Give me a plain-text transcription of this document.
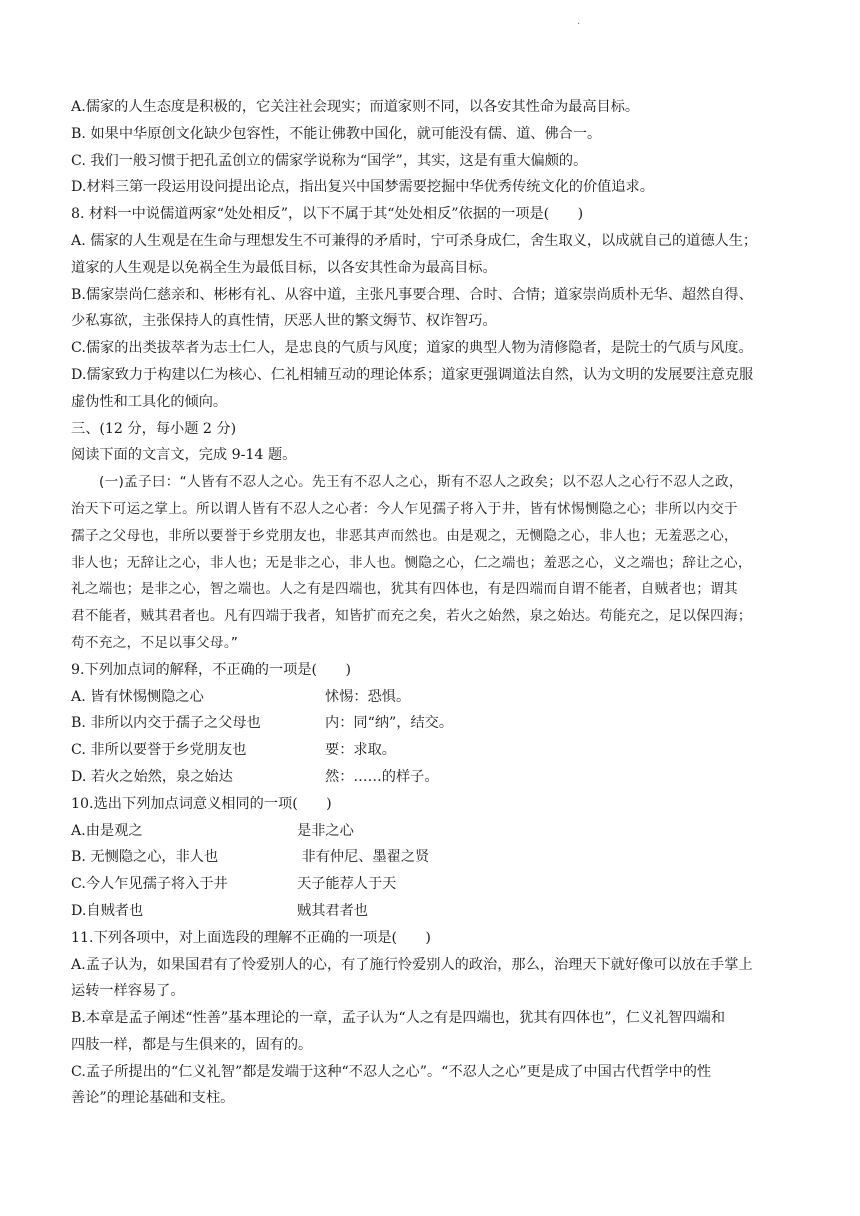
.
A.儒家的人生态度是积极的，它关注社会现实；而道家则不同，以各安其性命为最高目标。
B. 如果中华原创文化缺少包容性，不能让佛教中国化，就可能没有儒、道、佛合一。
C. 我们一般习惯于把孔孟创立的儒家学说称为“国学”，其实，这是有重大偏颇的。
D.材料三第一段运用设问提出论点，指出复兴中国梦需要挖掘中华优秀传统文化的价值追求。
8. 材料一中说儒道两家“处处相反”，以下不属于其“处处相反”依据的一项是(　　)
A. 儒家的人生观是在生命与理想发生不可兼得的矛盾时，宁可杀身成仁，舍生取义，以成就自己的道德人生；
道家的人生观是以免祸全生为最低目标，以各安其性命为最高目标。
B.儒家崇尚仁慈亲和、彬彬有礼、从容中道，主张凡事要合理、合时、合情；道家崇尚质朴无华、超然自得、
少私寡欲，主张保持人的真性情，厌恶人世的繁文缛节、权诈智巧。
C.儒家的出类拔萃者为志士仁人，是忠良的气质与风度；道家的典型人物为清修隐者，是院士的气质与风度。
D.儒家致力于构建以仁为核心、仁礼相辅互动的理论体系；道家更强调道法自然，认为文明的发展要注意克服
虚伪性和工具化的倾向。
三、(12 分，每小题 2 分)
阅读下面的文言文，完成 9-14 题。
(一)孟子曰：“人皆有不忍人之心。先王有不忍人之心，斯有不忍人之政矣；以不忍人之心行不忍人之政，
治天下可运之掌上。所以谓人皆有不忍人之心者：今人乍见孺子将入于井，皆有怵惕恻隐之心；非所以内交于
孺子之父母也，非所以要誉于乡党朋友也，非恶其声而然也。由是观之，无恻隐之心，非人也；无羞恶之心，
非人也；无辞让之心，非人也；无是非之心，非人也。恻隐之心，仁之端也；羞恶之心，义之端也；辞让之心，
礼之端也；是非之心，智之端也。人之有是四端也，犹其有四体也，有是四端而自谓不能者，自贼者也；谓其
君不能者，贼其君者也。凡有四端于我者，知皆扩而充之矣，若火之始然，泉之始达。苟能充之，足以保四海；
苟不充之，不足以事父母。”
9.下列加点词的解释，不正确的一项是(　　)
A. 皆有怵惕恻隐之心	怵惕：恐惧。
B. 非所以内交于孺子之父母也	内：同“纳”，结交。
C. 非所以要誉于乡党朋友也	要：求取。
D. 若火之始然，泉之始达	然：……的样子。
10.选出下列加点词意义相同的一项(　　)
A.由是观之	是非之心
B. 无恻隐之心，非人也	非有仲尼、墨翟之贤
C.今人乍见孺子将入于井	天子能荐人于天
D.自贼者也	贼其君者也
11.下列各项中，对上面选段的理解不正确的一项是(　　)
A.孟子认为，如果国君有了怜爱别人的心，有了施行怜爱别人的政治，那么，治理天下就好像可以放在手掌上
运转一样容易了。
B.本章是孟子阐述“性善”基本理论的一章，孟子认为“人之有是四端也，犹其有四体也”，仁义礼智四端和
四肢一样，都是与生俱来的，固有的。
C.孟子所提出的“仁义礼智”都是发端于这种“不忍人之心”。“不忍人之心”更是成了中国古代哲学中的性
善论”的理论基础和支柱。
